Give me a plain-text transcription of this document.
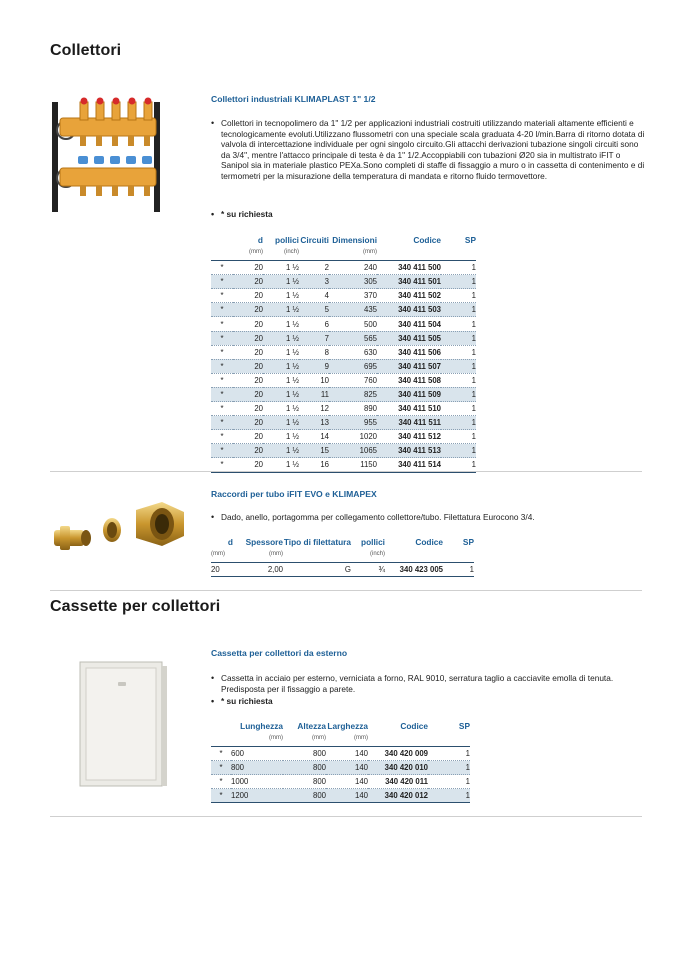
Collettori
Collettori industriali KLIMAPLAST 1" 1/2
• Collettori in tecnopolimero da 1" 1/2 per applicazioni industriali costruiti utilizzando materiali altamente efficienti e tecnologicamente evoluti.Utilizzano flussometri con una speciale scala graduata 4-20 l/min.Barra di ritorno dotata di valvola di intercettazione individuale per ogni singolo circuito.Gli attacchi derivazioni tubazione singoli circuiti sono da 3/4", mentre l'attacco principale di testa è da 1" 1/2.Accoppiabili con tubazioni Ø20 sia in multistrato iFIT o Sanipol sia in materiale plastico PEXa.Sono completi di staffe di fissaggio a muro o in cassetta di contenimento e di termometri per la misurazione della temperatura di mandata e ritorno fluido termovettore.
• * su richiesta
	d	pollici	Circuiti	Dimensioni	Codice	SP
	(mm)	(inch)		(mm)		
*	20	1 ½	2	240	340 411 500	1
*	20	1 ½	3	305	340 411 501	1
*	20	1 ½	4	370	340 411 502	1
*	20	1 ½	5	435	340 411 503	1
*	20	1 ½	6	500	340 411 504	1
*	20	1 ½	7	565	340 411 505	1
*	20	1 ½	8	630	340 411 506	1
*	20	1 ½	9	695	340 411 507	1
*	20	1 ½	10	760	340 411 508	1
*	20	1 ½	11	825	340 411 509	1
*	20	1 ½	12	890	340 411 510	1
*	20	1 ½	13	955	340 411 511	1
*	20	1 ½	14	1020	340 411 512	1
*	20	1 ½	15	1065	340 411 513	1
*	20	1 ½	16	1150	340 411 514	1
Raccordi per tubo iFIT EVO e KLIMAPEX
• Dado, anello, portagomma per collegamento collettore/tubo. Filettatura Eurocono 3/4.
d	Spessore	Tipo di filettatura	pollici	Codice	SP
(mm)	(mm)		(inch)		
20	2,00	G	¾	340 423 005	1
Cassette per collettori
Cassetta per collettori da esterno
• Cassetta in acciaio per esterno, verniciata a forno, RAL 9010, serratura taglio a cacciavite emolla di tenuta. Predisposta per il fissaggio a parete.
• * su richiesta
	Lunghezza	Altezza	Larghezza	Codice	SP
	(mm)	(mm)	(mm)		
*	600	800	140	340 420 009	1
*	800	800	140	340 420 010	1
*	1000	800	140	340 420 011	1
*	1200	800	140	340 420 012	1
